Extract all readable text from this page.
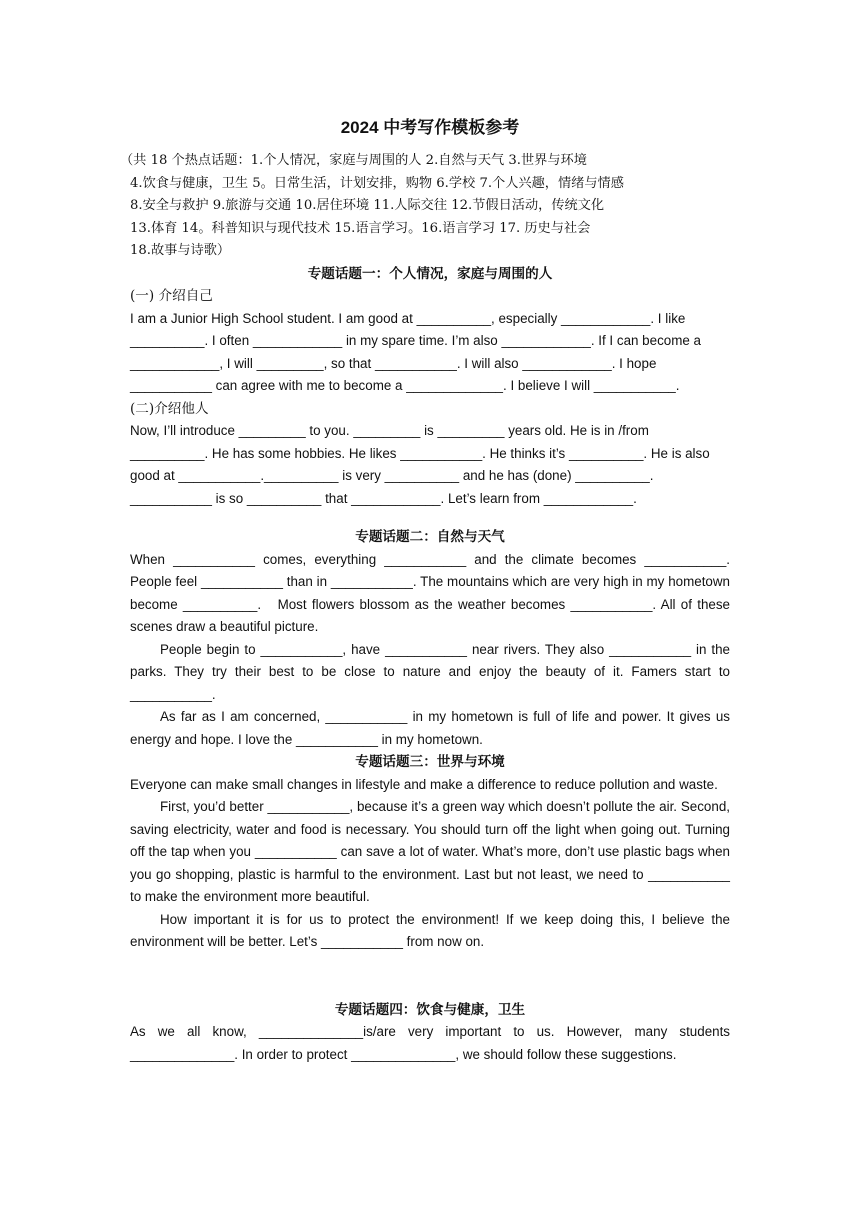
2024 中考写作模板参考
（共 18 个热点话题：1.个人情况，家庭与周围的人 2.自然与天气 3.世界与环境
4.饮食与健康，卫生 5。日常生活，计划安排，购物 6.学校 7.个人兴趣，情绪与情感
8.安全与救护 9.旅游与交通 10.居住环境 11.人际交往 12.节假日活动，传统文化
13.体育 14。科普知识与现代技术 15.语言学习。16.语言学习 17. 历史与社会
18.故事与诗歌）
专题话题一：个人情况，家庭与周围的人
(一) 介绍自己
I am a Junior High School student. I am good at __________, especially ____________. I like
__________. I often ____________ in my spare time. I’m also ____________. If I can become a
____________, I will _________, so that ___________. I will also ____________. I hope
___________ can agree with me to become a _____________. I believe I will ___________.
(二)介绍他人
Now, I’ll introduce _________ to you. _________ is _________ years old. He is in /from
__________. He has some hobbies. He likes ___________. He thinks it’s __________. He is also
good at ___________.__________ is very __________ and he has (done) __________.
___________ is so __________ that ____________. Let’s learn from ____________.
专题话题二：自然与天气

When ___________ comes, everything ___________ and the climate becomes ___________. People feel ___________ than in ___________. The mountains which are very high in my hometown become __________.　Most flowers blossom as the weather becomes ___________. All of these scenes draw a beautiful picture.

People begin to ___________, have ___________ near rivers. They also ___________ in the parks. They try their best to be close to nature and enjoy the beauty of it. Famers start to ___________.

As far as I am concerned, ___________ in my hometown is full of life and power. It gives us energy and hope. I love the ___________ in my hometown.

专题话题三：世界与环境

Everyone can make small changes in lifestyle and make a difference to reduce pollution and waste.

First, you’d better ___________, because it’s a green way which doesn’t pollute the air. Second, saving electricity, water and food is necessary. You should turn off the light when going out. Turning off the tap when you ___________ can save a lot of water. What’s more, don’t use plastic bags when you go shopping, plastic is harmful to the environment. Last but not least, we need to ___________ to make the environment more beautiful.

How important it is for us to protect the environment! If we keep doing this, I believe the environment will be better. Let’s ___________ from now on.

专题话题四：饮食与健康，卫生

As we all know, ______________is/are very important to us. However, many students ______________. In order to protect ______________, we should follow these suggestions.
